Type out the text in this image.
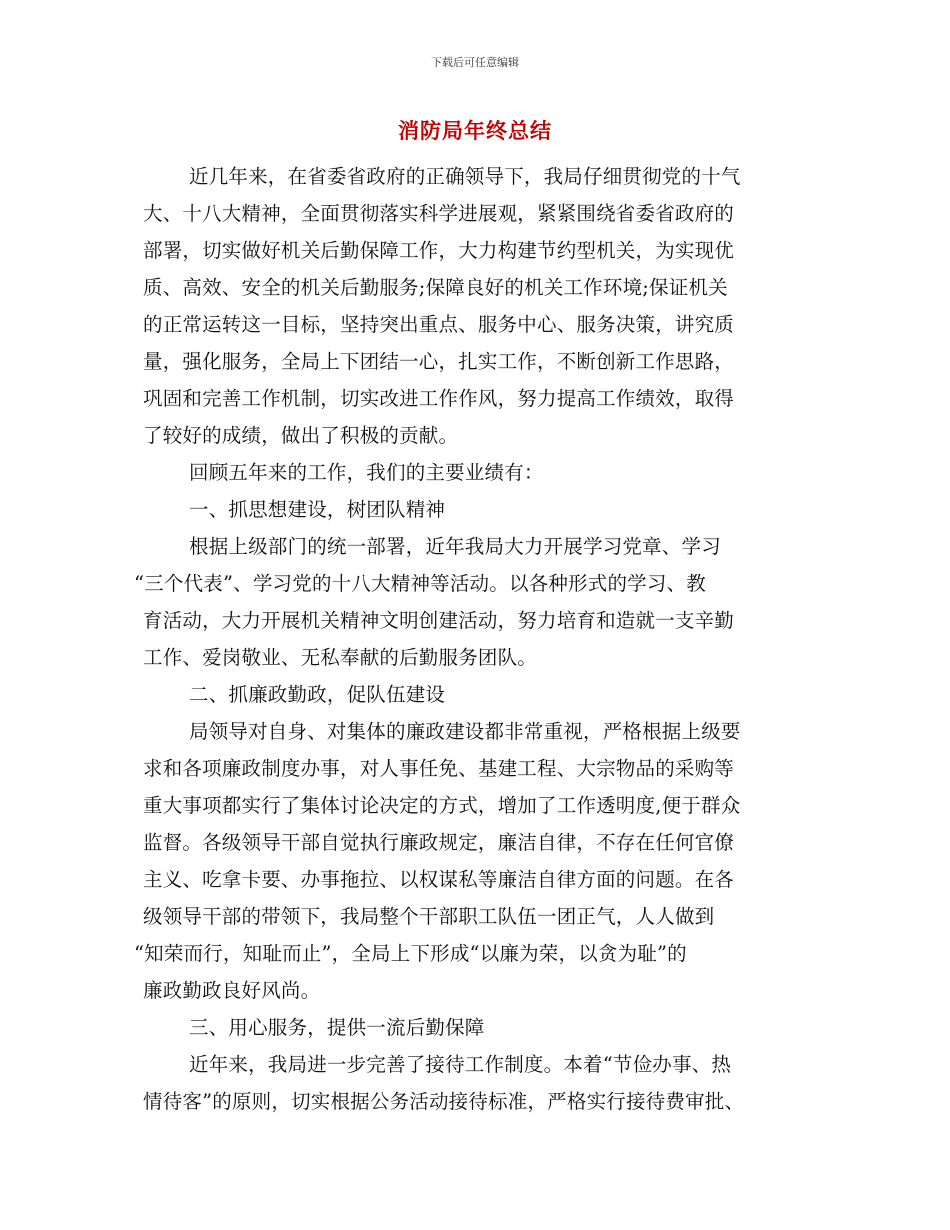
下载后可任意编辑
消防局年终总结
近几年来，在省委省政府的正确领导下，我局仔细贯彻党的十气
大、十八大精神，全面贯彻落实科学进展观，紧紧围绕省委省政府的
部署，切实做好机关后勤保障工作，大力构建节约型机关，为实现优
质、高效、安全的机关后勤服务;保障良好的机关工作环境;保证机关
的正常运转这一目标，坚持突出重点、服务中心、服务决策，讲究质
量，强化服务，全局上下团结一心，扎实工作，不断创新工作思路，
巩固和完善工作机制，切实改进工作作风，努力提高工作绩效，取得
了较好的成绩，做出了积极的贡献。
回顾五年来的工作，我们的主要业绩有：
一、抓思想建设，树团队精神
根据上级部门的统一部署，近年我局大力开展学习党章、学习
“三个代表”、学习党的十八大精神等活动。以各种形式的学习、教
育活动，大力开展机关精神文明创建活动，努力培育和造就一支辛勤
工作、爱岗敬业、无私奉献的后勤服务团队。
二、抓廉政勤政，促队伍建设
局领导对自身、对集体的廉政建设都非常重视，严格根据上级要
求和各项廉政制度办事，对人事任免、基建工程、大宗物品的采购等
重大事项都实行了集体讨论决定的方式，增加了工作透明度,便于群众
监督。各级领导干部自觉执行廉政规定，廉洁自律，不存在任何官僚
主义、吃拿卡要、办事拖拉、以权谋私等廉洁自律方面的问题。在各
级领导干部的带领下，我局整个干部职工队伍一团正气，人人做到
“知荣而行，知耻而止”，全局上下形成“以廉为荣，以贪为耻”的
廉政勤政良好风尚。
三、用心服务，提供一流后勤保障
近年来，我局进一步完善了接待工作制度。本着“节俭办事、热
情待客”的原则，切实根据公务活动接待标准，严格实行接待费审批、
